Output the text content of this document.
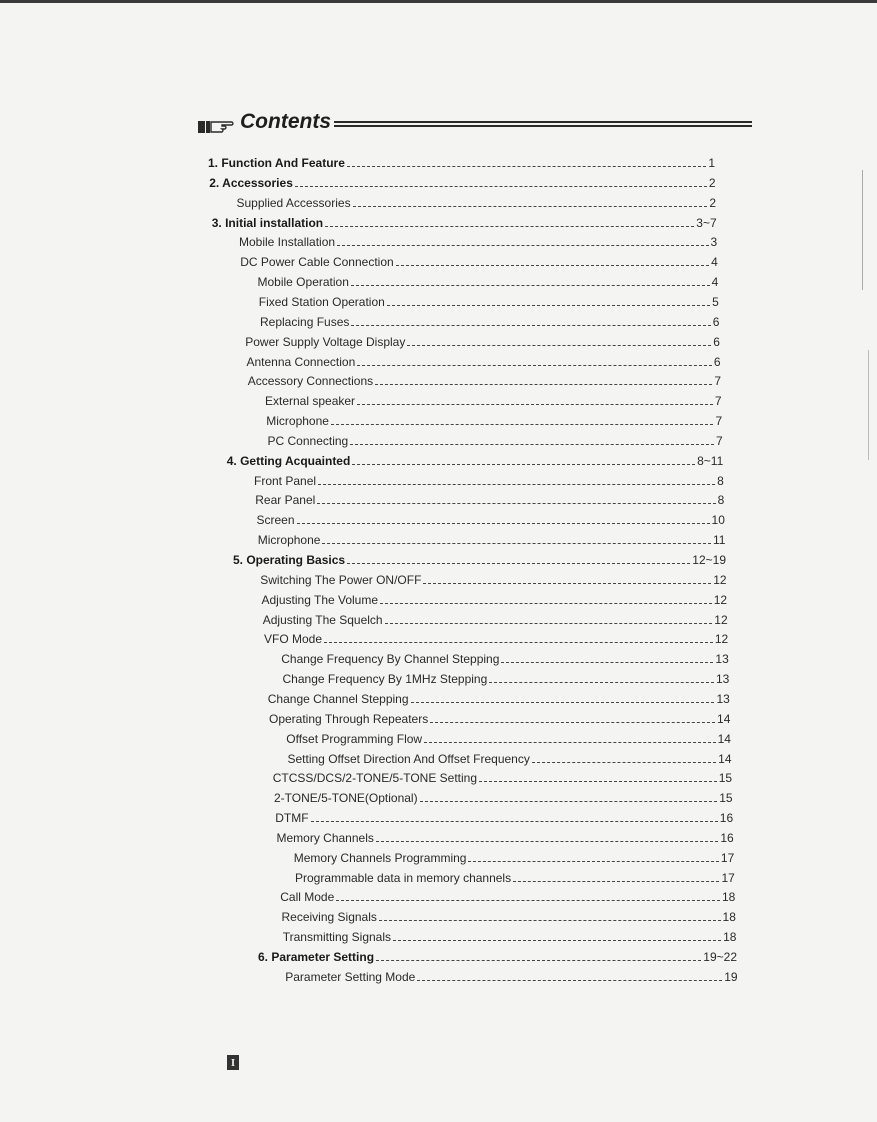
Contents
1. Function And Feature	1
2. Accessories	2
Supplied Accessories	2
3. Initial installation	3~7
Mobile Installation	3
DC Power Cable Connection	4
Mobile Operation	4
Fixed Station Operation	5
Replacing Fuses	6
Power Supply Voltage Display	6
Antenna Connection	6
Accessory Connections	7
External speaker	7
Microphone	7
PC Connecting	7
4. Getting Acquainted	8~11
Front Panel	8
Rear Panel	8
Screen	10
Microphone	11
5. Operating Basics	12~19
Switching The Power ON/OFF	12
Adjusting The Volume	12
Adjusting The Squelch	12
VFO Mode	12
Change Frequency By Channel Stepping	13
Change Frequency By 1MHz Stepping	13
Change Channel Stepping	13
Operating Through Repeaters	14
Offset Programming Flow	14
Setting Offset Direction And Offset Frequency	14
CTCSS/DCS/2-TONE/5-TONE Setting	15
2-TONE/5-TONE(Optional)	15
DTMF	16
Memory Channels	16
Memory Channels Programming	17
Programmable data in memory channels	17
Call Mode	18
Receiving Signals	18
Transmitting Signals	18
6. Parameter Setting	19~22
Parameter Setting Mode	19
I
